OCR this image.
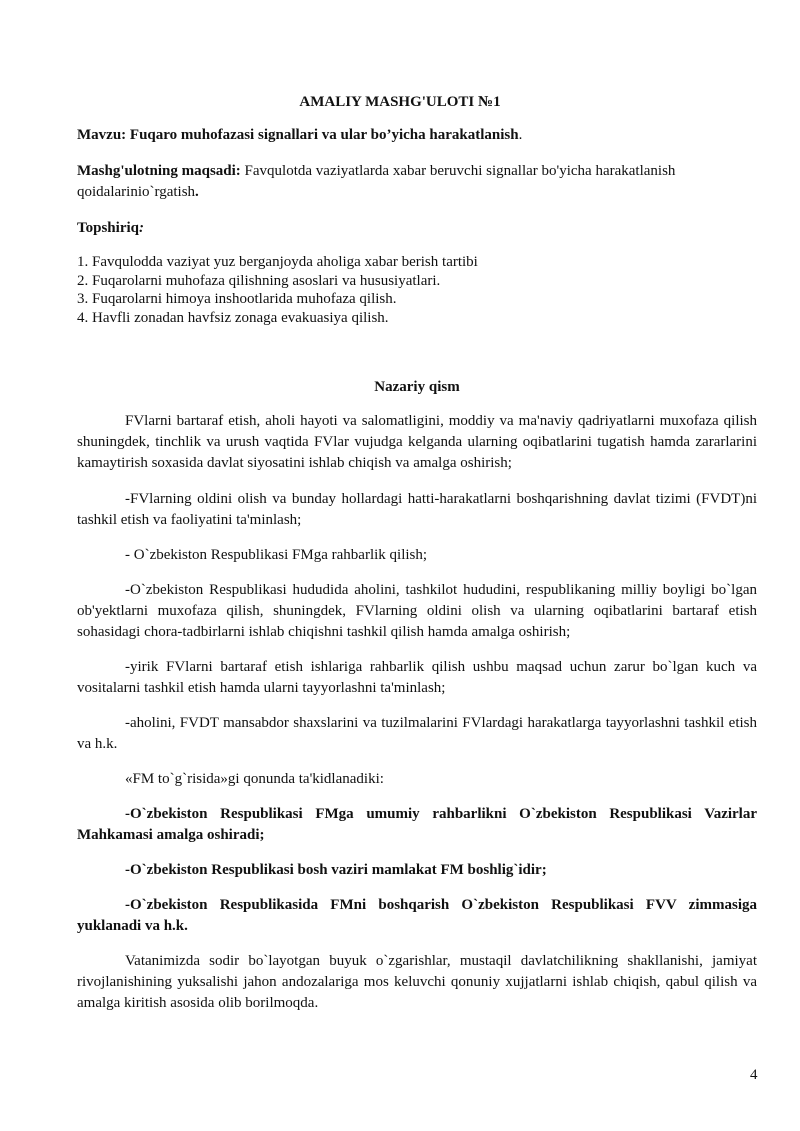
AMALIY MASHG'ULOTI №1
Mavzu: Fuqaro muhofazasi signallari va ular bo’yicha harakatlanish.
Mashg'ulotning maqsadi: Favqulotda vaziyatlarda xabar beruvchi signallar bo'yicha harakatlanish qoidalarinio`rgatish.
Topshiriq:
1. Favqulodda vaziyat yuz berganjoyda aholiga xabar berish tartibi
2. Fuqarolarni muhofaza qilishning asoslari va hususiyatlari.
3. Fuqarolarni himoya inshootlarida muhofaza qilish.
4. Havfli zonadan havfsiz zonaga evakuasiya qilish.
Nazariy qism
FVlarni bartaraf etish, aholi hayoti va salomatligini, moddiy va ma'naviy qadriyatlarni muxofaza qilish shuningdek, tinchlik va urush vaqtida FVlar vujudga kelganda ularning oqibatlarini tugatish hamda zararlarini kamaytirish soxasida davlat siyosatini ishlab chiqish va amalga oshirish;
-FVlarning oldini olish va bunday hollardagi hatti-harakatlarni boshqarishning davlat tizimi (FVDT)ni tashkil etish va faoliyatini ta'minlash;
- O`zbekiston Respublikasi FMga rahbarlik qilish;
-O`zbekiston Respublikasi hududida aholini, tashkilot hududini, respublikaning milliy boyligi bo`lgan ob'yektlarni muxofaza qilish, shuningdek, FVlarning oldini olish va ularning oqibatlarini bartaraf etish sohasidagi chora-tadbirlarni ishlab chiqishni tashkil qilish hamda amalga oshirish;
-yirik FVlarni bartaraf etish ishlariga rahbarlik qilish ushbu maqsad uchun zarur bo`lgan kuch va vositalarni tashkil etish hamda ularni tayyorlashni ta'minlash;
-aholini, FVDT mansabdor shaxslarini va tuzilmalarini FVlardagi harakatlarga tayyorlashni tashkil etish va h.k.
«FM to`g`risida»gi qonunda ta'kidlanadiki:
-O`zbekiston Respublikasi FMga umumiy rahbarlikni O`zbekiston Respublikasi Vazirlar Mahkamasi amalga oshiradi;
-O`zbekiston Respublikasi bosh vaziri mamlakat FM boshlig`idir;
-O`zbekiston Respublikasida FMni boshqarish O`zbekiston Respublikasi FVV zimmasiga yuklanadi va h.k.
Vatanimizda sodir bo`layotgan buyuk o`zgarishlar, mustaqil davlatchilikning shakllanishi, jamiyat rivojlanishining yuksalishi jahon andozalariga mos keluvchi qonuniy xujjatlarni ishlab chiqish, qabul qilish va amalga kiritish asosida olib borilmoqda.
4
